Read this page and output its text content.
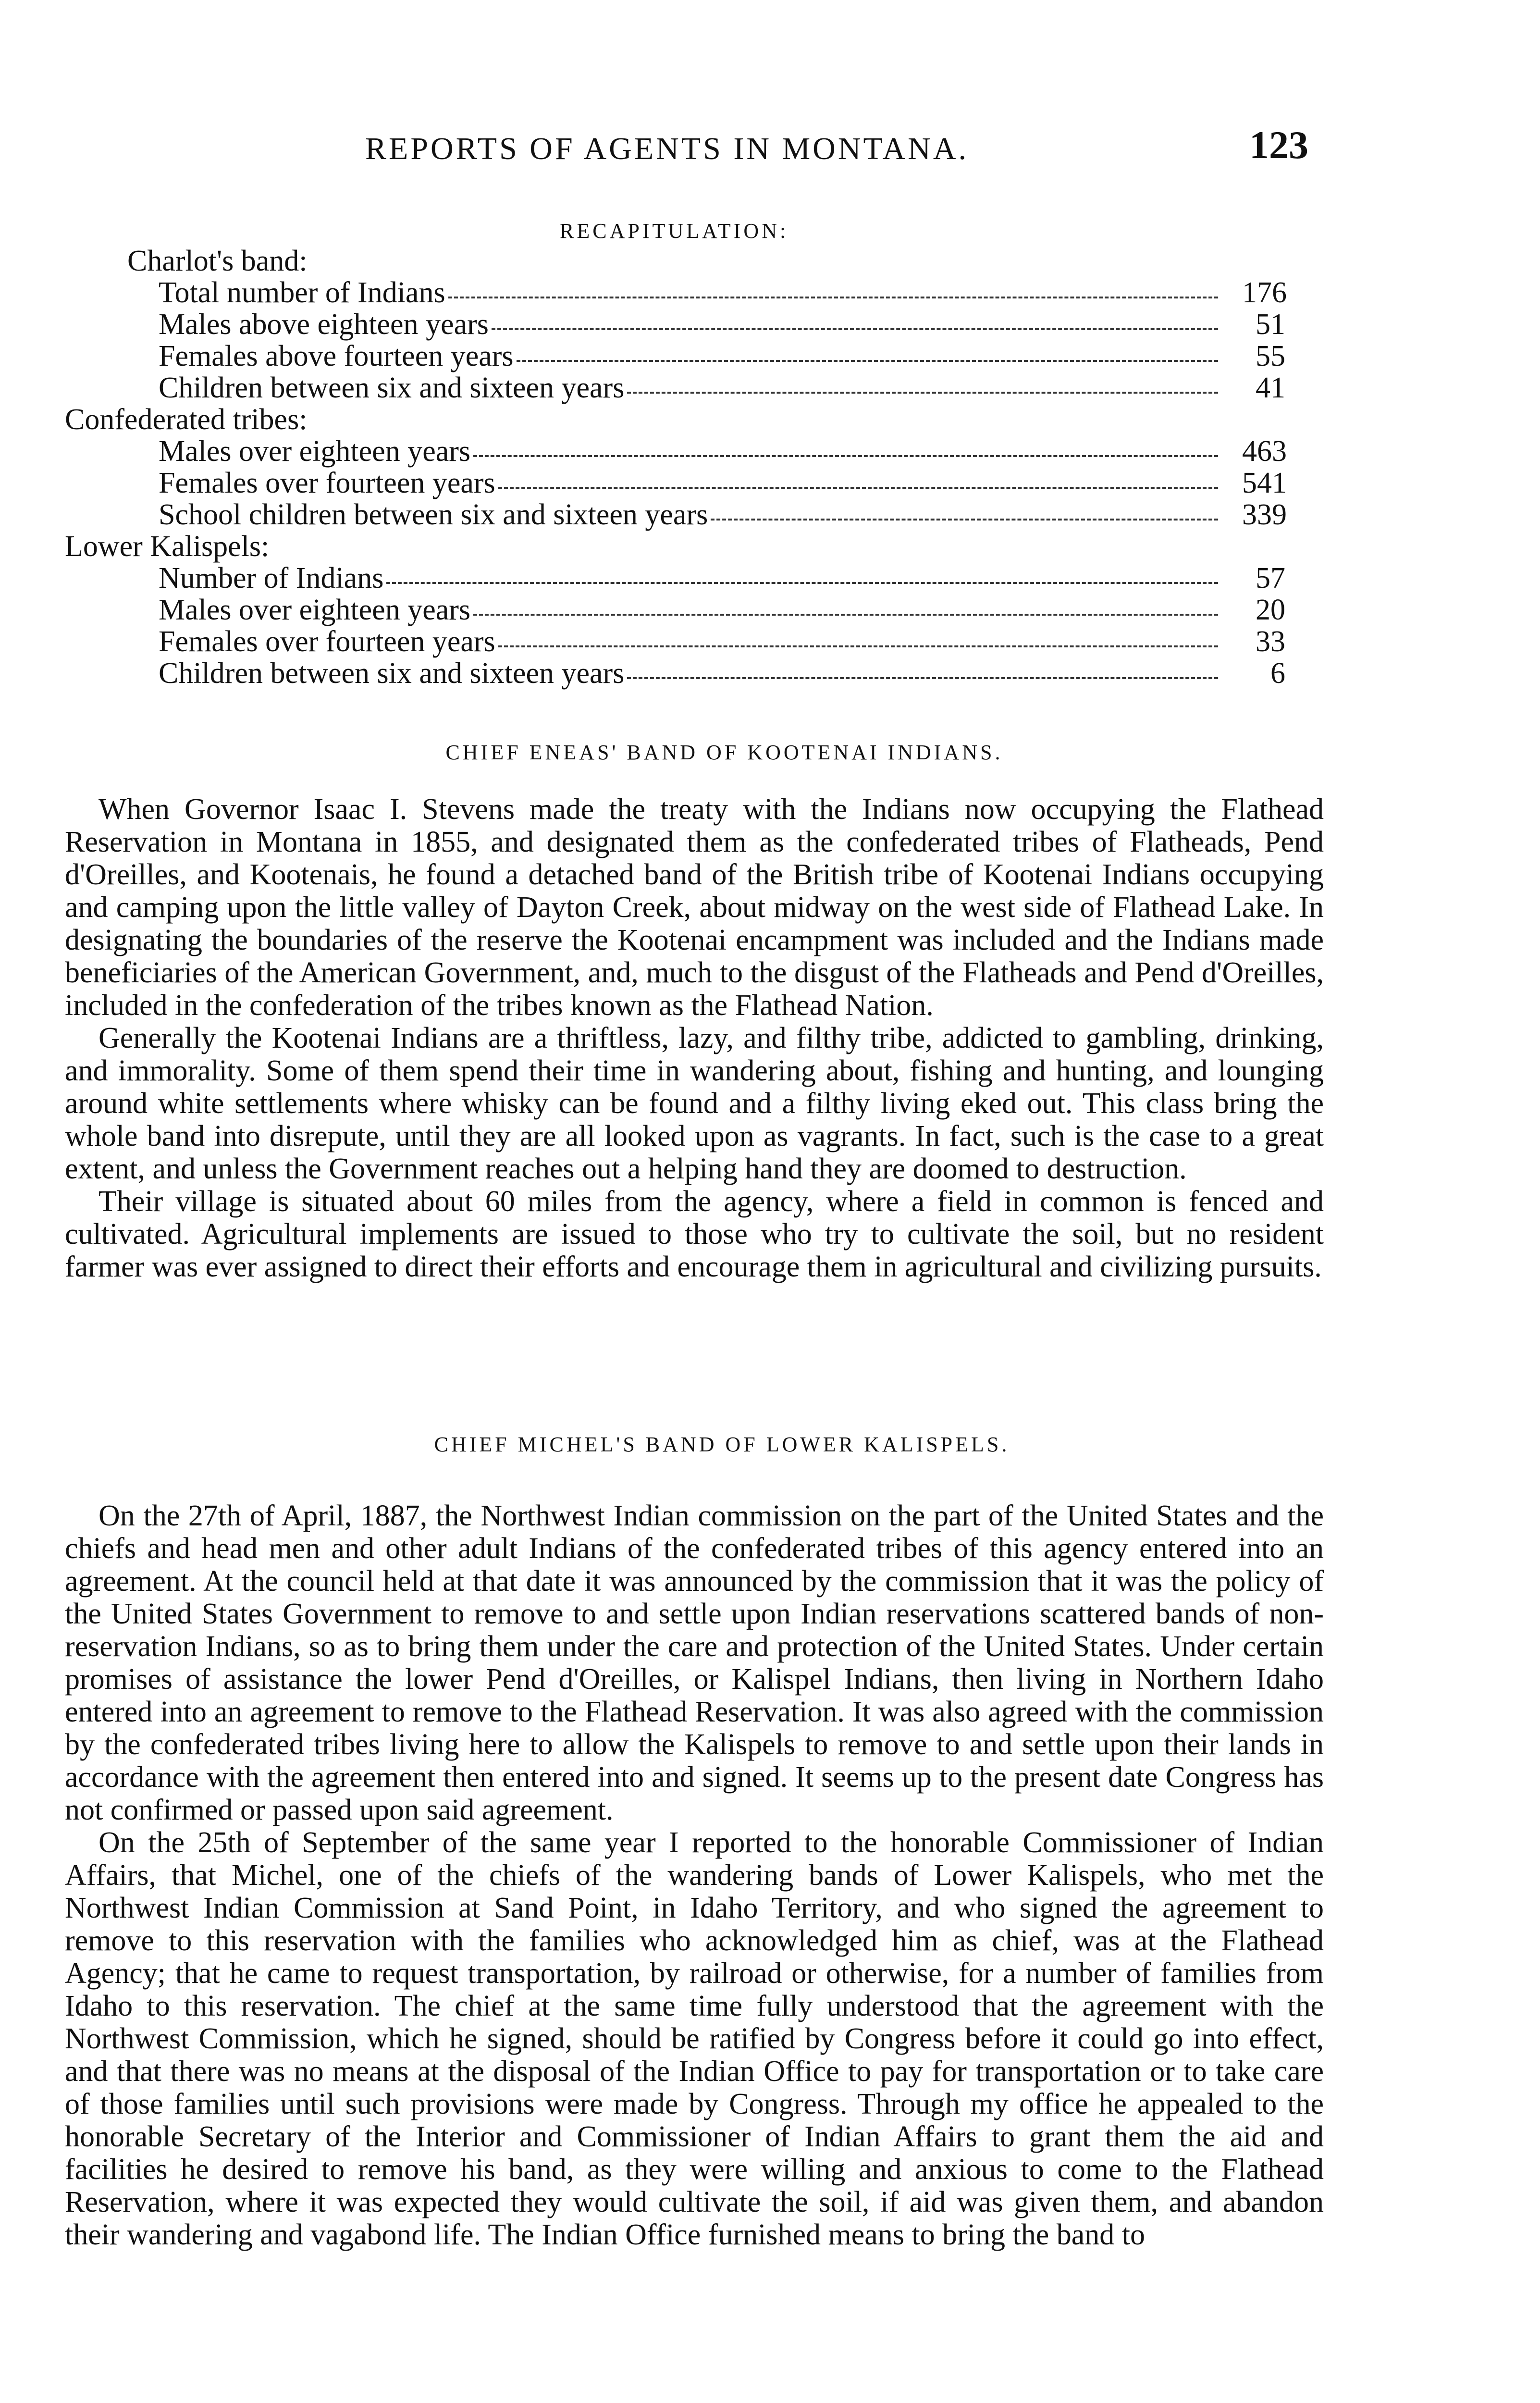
REPORTS OF AGENTS IN MONTANA.	123
RECAPITULATION:
Charlot's band:
Total number of Indians	176
Males above eighteen years	51
Females above fourteen years	55
Children between six and sixteen years	41
Confederated tribes:
Males over eighteen years	463
Females over fourteen years	541
School children between six and sixteen years	339
Lower Kalispels:
Number of Indians	57
Males over eighteen years	20
Females over fourteen years	33
Children between six and sixteen years	6
CHIEF ENEAS' BAND OF KOOTENAI INDIANS.

When Governor Isaac I. Stevens made the treaty with the Indians now occupying the Flathead Reservation in Montana in 1855, and designated them as the confederated tribes of Flatheads, Pend d'Oreilles, and Kootenais, he found a detached band of the British tribe of Kootenai Indians occupying and camping upon the little valley of Dayton Creek, about midway on the west side of Flathead Lake. In designating the boundaries of the reserve the Kootenai encampment was included and the Indians made beneficiaries of the American Government, and, much to the disgust of the Flatheads and Pend d'Oreilles, included in the confederation of the tribes known as the Flathead Nation.

Generally the Kootenai Indians are a thriftless, lazy, and filthy tribe, addicted to gambling, drinking, and immorality. Some of them spend their time in wandering about, fishing and hunting, and lounging around white settlements where whisky can be found and a filthy living eked out. This class bring the whole band into disrepute, until they are all looked upon as vagrants. In fact, such is the case to a great extent, and unless the Government reaches out a helping hand they are doomed to destruction.

Their village is situated about 60 miles from the agency, where a field in common is fenced and cultivated. Agricultural implements are issued to those who try to cultivate the soil, but no resident farmer was ever assigned to direct their efforts and encourage them in agricultural and civilizing pursuits.

CHIEF MICHEL'S BAND OF LOWER KALISPELS.

On the 27th of April, 1887, the Northwest Indian commission on the part of the United States and the chiefs and head men and other adult Indians of the confederated tribes of this agency entered into an agreement. At the council held at that date it was announced by the commission that it was the policy of the United States Government to remove to and settle upon Indian reservations scattered bands of non-reservation Indians, so as to bring them under the care and protection of the United States. Under certain promises of assistance the lower Pend d'Oreilles, or Kalispel Indians, then living in Northern Idaho entered into an agreement to remove to the Flathead Reservation. It was also agreed with the commission by the confederated tribes living here to allow the Kalispels to remove to and settle upon their lands in accordance with the agreement then entered into and signed. It seems up to the present date Congress has not confirmed or passed upon said agreement.

On the 25th of September of the same year I reported to the honorable Commissioner of Indian Affairs, that Michel, one of the chiefs of the wandering bands of Lower Kalispels, who met the Northwest Indian Commission at Sand Point, in Idaho Territory, and who signed the agreement to remove to this reservation with the families who acknowledged him as chief, was at the Flathead Agency; that he came to request transportation, by railroad or otherwise, for a number of families from Idaho to this reservation. The chief at the same time fully understood that the agreement with the Northwest Commission, which he signed, should be ratified by Congress before it could go into effect, and that there was no means at the disposal of the Indian Office to pay for transportation or to take care of those families until such provisions were made by Congress. Through my office he appealed to the honorable Secretary of the Interior and Commissioner of Indian Affairs to grant them the aid and facilities he desired to remove his band, as they were willing and anxious to come to the Flathead Reservation, where it was expected they would cultivate the soil, if aid was given them, and abandon their wandering and vagabond life. The Indian Office furnished means to bring the band to
